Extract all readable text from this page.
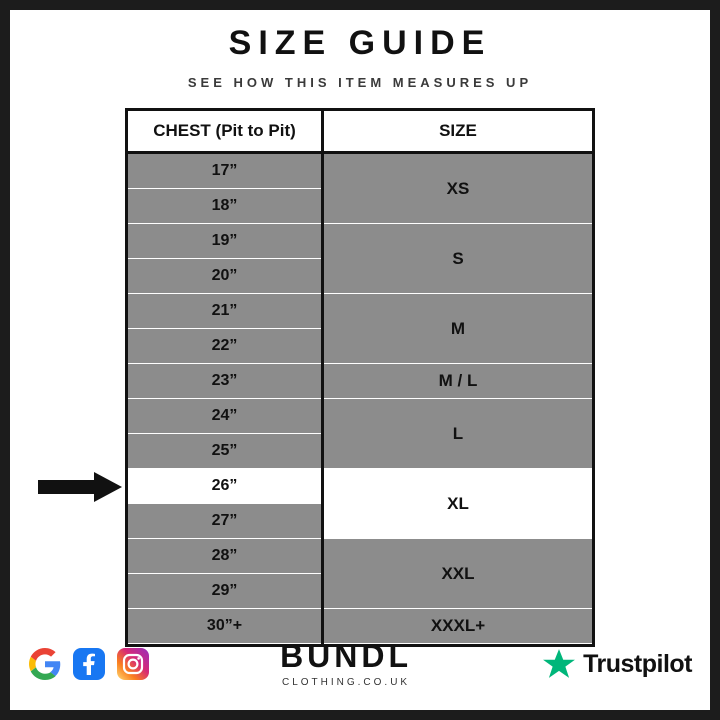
SIZE GUIDE
SEE HOW THIS ITEM MEASURES UP
CHEST (Pit to Pit)	SIZE
17”
18”
19”
20”
21”
22”
23”
24”
25”
26”
27”
28”
29”
30”+
XS
S
M
M / L
L
XL
XXL
XXXL+
BUNDL
CLOTHING.CO.UK
Trustpilot
